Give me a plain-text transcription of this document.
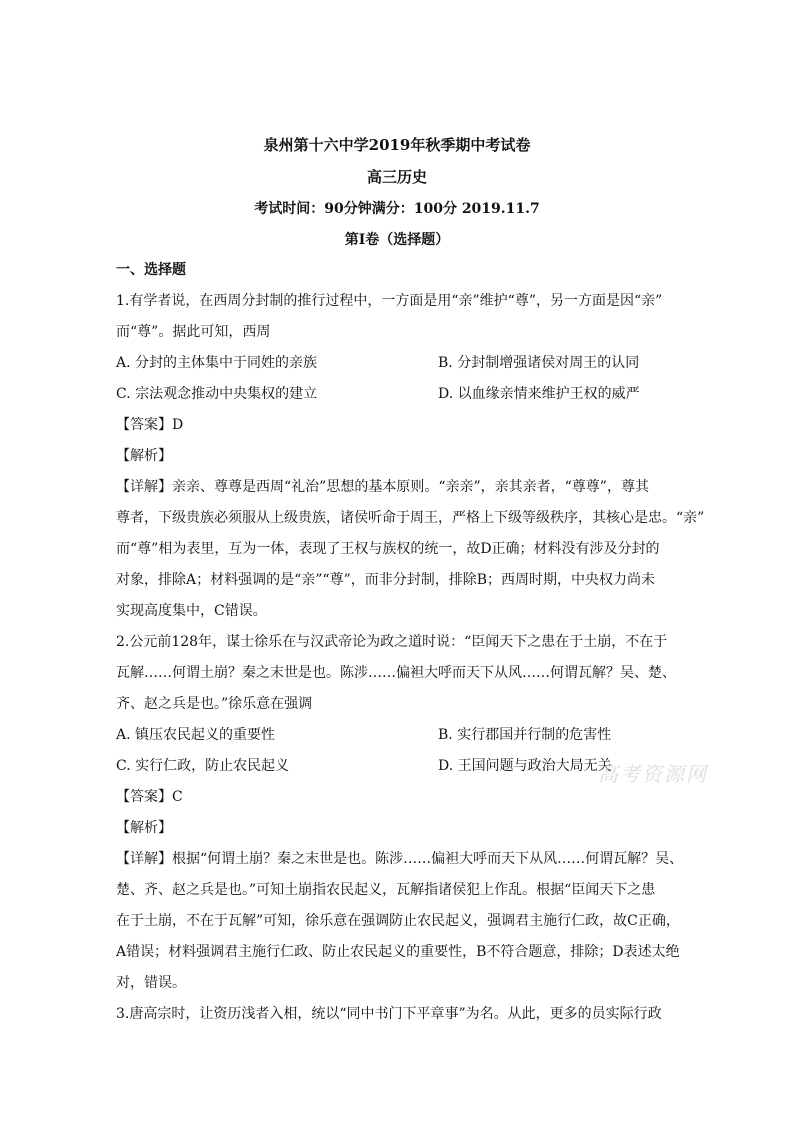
泉州第十六中学2019年秋季期中考试卷
高三历史
考试时间：90分钟满分：100分 2019.11.7
第Ⅰ卷（选择题）
一、选择题
1.有学者说，在西周分封制的推行过程中，一方面是用“亲”维护“尊”，另一方面是因“亲”
而“尊”。据此可知，西周
A. 分封的主体集中于同姓的亲族	B. 分封制增强诸侯对周王的认同
C. 宗法观念推动中央集权的建立	D. 以血缘亲情来维护王权的威严
【答案】D
【解析】
【详解】亲亲、尊尊是西周“礼治”思想的基本原则。“亲亲”，亲其亲者，“尊尊”，尊其
尊者，下级贵族必须服从上级贵族，诸侯听命于周王，严格上下级等级秩序，其核心是忠。“亲”
而“尊”相为表里，互为一体，表现了王权与族权的统一，故D正确；材料没有涉及分封的
对象，排除A；材料强调的是“亲”“尊”，而非分封制，排除B；西周时期，中央权力尚未
实现高度集中，C错误。
2.公元前128年，谋士徐乐在与汉武帝论为政之道时说：“臣闻天下之患在于土崩，不在于
瓦解……何谓土崩？秦之末世是也。陈涉……偏袒大呼而天下从风……何谓瓦解？吴、楚、
齐、赵之兵是也。”徐乐意在强调
A. 镇压农民起义的重要性	B. 实行郡国并行制的危害性
C. 实行仁政，防止农民起义	D. 王国问题与政治大局无关
【答案】C
【解析】
【详解】根据“何谓土崩？秦之末世是也。陈涉……偏袒大呼而天下从风……何谓瓦解？吴、
楚、齐、赵之兵是也。”可知土崩指农民起义，瓦解指诸侯犯上作乱。根据“臣闻天下之患
在于土崩，不在于瓦解”可知，徐乐意在强调防止农民起义，强调君主施行仁政，故C正确，
A错误；材料强调君主施行仁政、防止农民起义的重要性，B不符合题意，排除；D表述太绝
对，错误。
3.唐高宗时，让资历浅者入相，统以“同中书门下平章事”为名。从此，更多的员实际行政
高考资源网
